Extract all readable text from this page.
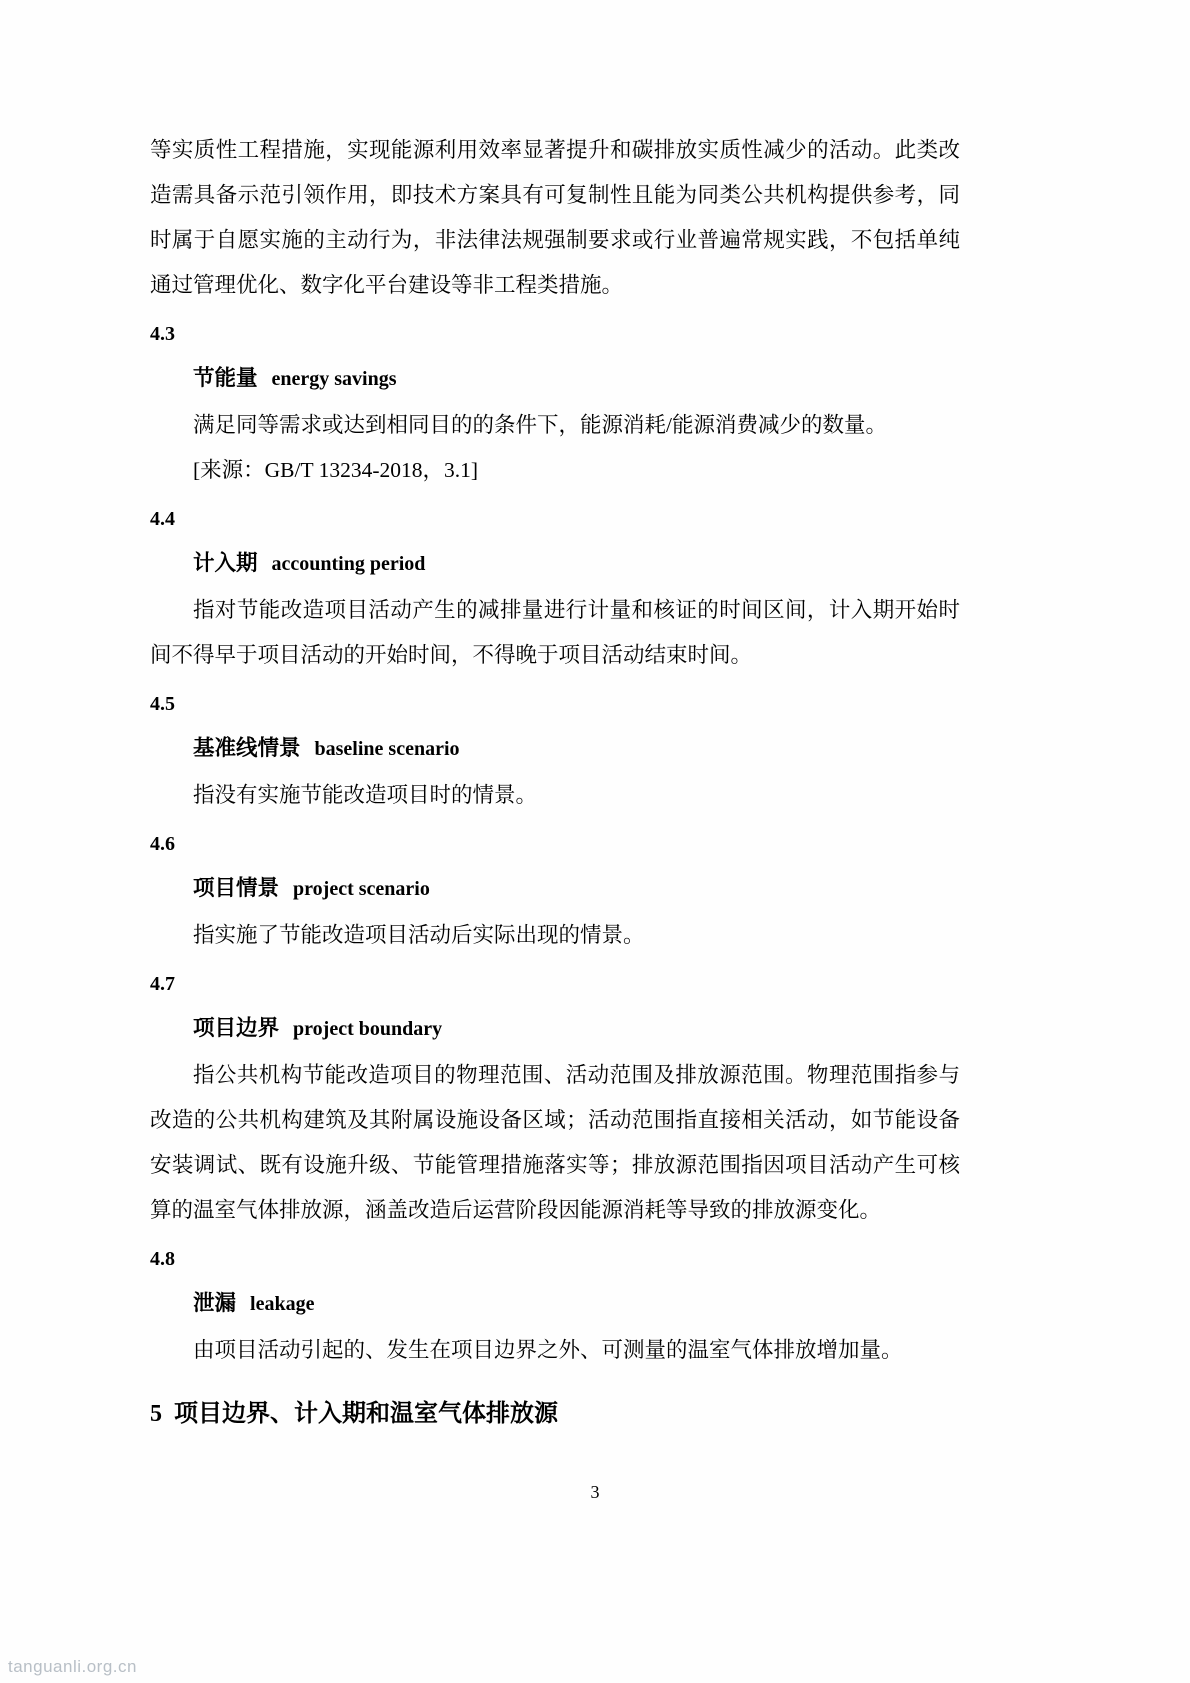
等实质性工程措施，实现能源利用效率显著提升和碳排放实质性减少的活动。此类改造需具备示范引领作用，即技术方案具有可复制性且能为同类公共机构提供参考，同时属于自愿实施的主动行为，非法律法规强制要求或行业普遍常规实践，不包括单纯通过管理优化、数字化平台建设等非工程类措施。

4.3

节能量 energy savings

满足同等需求或达到相同目的的条件下，能源消耗/能源消费减少的数量。

[来源：GB/T 13234-2018，3.1]

4.4

计入期 accounting period

指对节能改造项目活动产生的减排量进行计量和核证的时间区间，计入期开始时间不得早于项目活动的开始时间，不得晚于项目活动结束时间。

4.5

基准线情景 baseline scenario

指没有实施节能改造项目时的情景。

4.6

项目情景 project scenario

指实施了节能改造项目活动后实际出现的情景。

4.7

项目边界 project boundary

指公共机构节能改造项目的物理范围、活动范围及排放源范围。物理范围指参与改造的公共机构建筑及其附属设施设备区域；活动范围指直接相关活动，如节能设备安装调试、既有设施升级、节能管理措施落实等；排放源范围指因项目活动产生可核算的温室气体排放源，涵盖改造后运营阶段因能源消耗等导致的排放源变化。

4.8

泄漏 leakage

由项目活动引起的、发生在项目边界之外、可测量的温室气体排放增加量。

5 项目边界、计入期和温室气体排放源

3
tanguanli.org.cn
